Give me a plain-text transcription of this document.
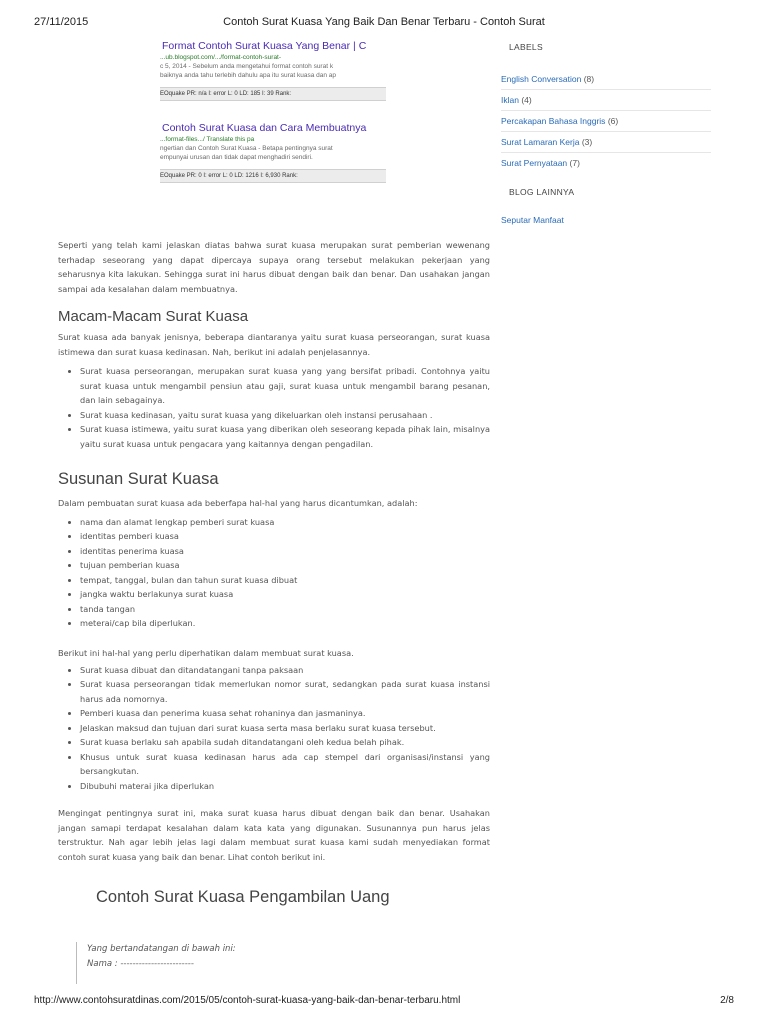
27/11/2015	Contoh Surat Kuasa Yang Baik Dan Benar Terbaru - Contoh Surat
Format Contoh Surat Kuasa Yang Benar | C
...ub.blogspot.com/.../format-contoh-surat-
c 5, 2014 - Sebelum anda mengetahui format contoh surat k
baiknya anda tahu terlebih dahulu apa itu surat kuasa dan ap
EOquake PR: n/a I: error L: 0 LD: 185 I: 39 Rank:
Contoh Surat Kuasa dan Cara Membuatnya
...format-files.../ Translate this pa
ngertian dan Contoh Surat Kuasa - Betapa pentingnya surat
empunyai urusan dan tidak dapat menghadiri sendiri.
EOquake PR: 0 I: error L: 0 LD: 1216 I: 6,930 Rank:
LABELS
English Conversation (8)
Iklan (4)
Percakapan Bahasa Inggris (6)
Surat Lamaran Kerja (3)
Surat Pernyataan (7)
BLOG LAINNYA
Seputar Manfaat

Seperti yang telah kami jelaskan diatas bahwa surat kuasa merupakan surat pemberian wewenang terhadap seseorang yang dapat dipercaya supaya orang tersebut melakukan pekerjaan yang seharusnya kita lakukan. Sehingga surat ini harus dibuat dengan baik dan benar. Dan usahakan jangan sampai ada kesalahan dalam membuatnya.

Macam-Macam Surat Kuasa

Surat kuasa ada banyak jenisnya, beberapa diantaranya yaitu surat kuasa perseorangan, surat kuasa istimewa dan surat kuasa kedinasan. Nah, berikut ini adalah penjelasannya.

• Surat kuasa perseorangan, merupakan surat kuasa yang yang bersifat pribadi. Contohnya yaitu surat kuasa untuk mengambil pensiun atau gaji, surat kuasa untuk mengambil barang pesanan, dan lain sebagainya.
• Surat kuasa kedinasan, yaitu surat kuasa yang dikeluarkan oleh instansi perusahaan .
• Surat kuasa istimewa, yaitu surat kuasa yang diberikan oleh seseorang kepada pihak lain, misalnya yaitu surat kuasa untuk pengacara yang kaitannya dengan pengadilan.
Susunan Surat Kuasa

Dalam pembuatan surat kuasa ada beberfapa hal-hal yang harus dicantumkan, adalah:

• nama dan alamat lengkap pemberi surat kuasa
• identitas pemberi kuasa
• identitas penerima kuasa
• tujuan pemberian kuasa
• tempat, tanggal, bulan dan tahun surat kuasa dibuat
• jangka waktu berlakunya surat kuasa
• tanda tangan
• meterai/cap bila diperlukan.

Berikut ini hal-hal yang perlu diperhatikan dalam membuat surat kuasa.

• Surat kuasa dibuat dan ditandatangani tanpa paksaan
• Surat kuasa perseorangan tidak memerlukan nomor surat, sedangkan pada surat kuasa instansi harus ada nomornya.
• Pemberi kuasa dan penerima kuasa sehat rohaninya dan jasmaninya.
• Jelaskan maksud dan tujuan dari surat kuasa serta masa berlaku surat kuasa tersebut.
• Surat kuasa berlaku sah apabila sudah ditandatangani oleh kedua belah pihak.
• Khusus untuk surat kuasa kedinasan harus ada cap stempel dari organisasi/instansi yang bersangkutan.
• Dibubuhi materai jika diperlukan

Mengingat pentingnya surat ini, maka surat kuasa harus dibuat dengan baik dan benar. Usahakan jangan samapi terdapat kesalahan dalam kata kata yang digunakan. Susunannya pun harus jelas terstruktur. Nah agar lebih jelas lagi dalam membuat surat kuasa kami sudah menyediakan format contoh surat kuasa yang baik dan benar. Lihat contoh berikut ini.

Contoh Surat Kuasa Pengambilan Uang
Yang bertandatangan di bawah ini:
Nama : ------------------------
http://www.contohsuratdinas.com/2015/05/contoh-surat-kuasa-yang-baik-dan-benar-terbaru.html	2/8
